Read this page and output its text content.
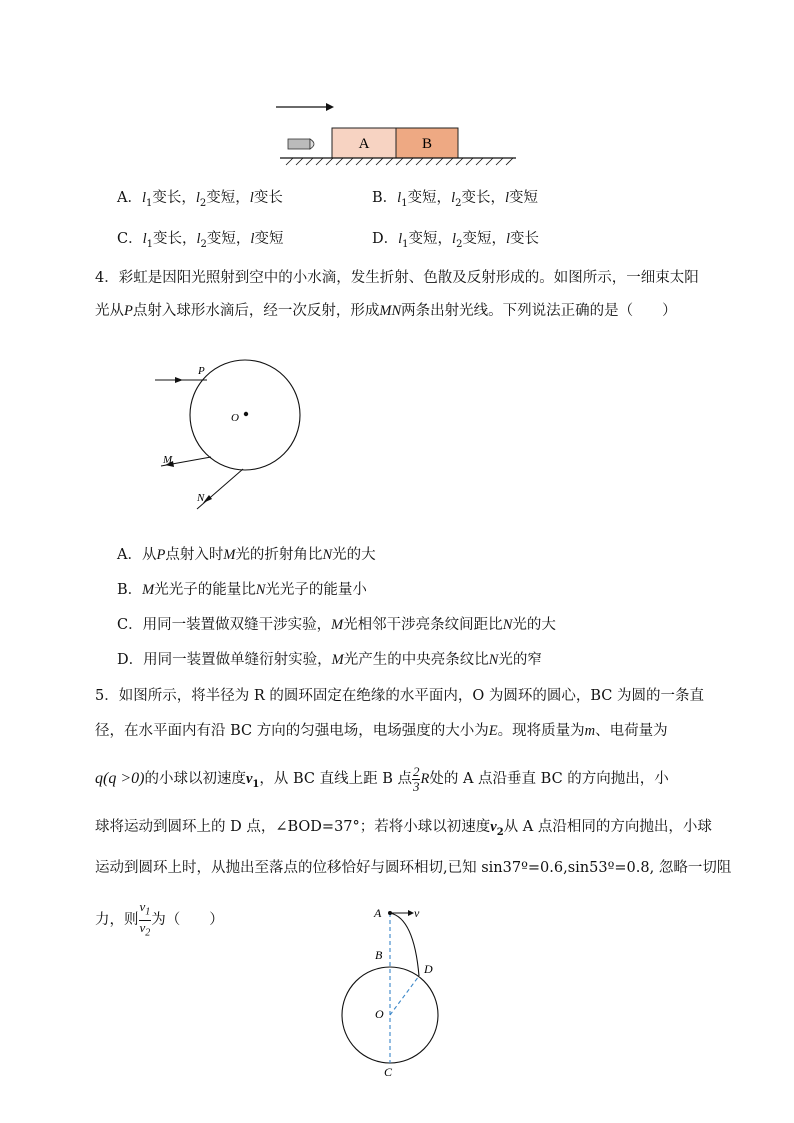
A	B
A．$l_1$变长，$l_2$变短，l变长	B．$l_1$变短，$l_2$变长，l变短
C．$l_1$变长，$l_2$变短，l变短	D．$l_1$变短，$l_2$变短，l变长
4．彩虹是因阳光照射到空中的小水滴，发生折射、色散及反射形成的。如图所示，一细束太阳
光从P点射入球形水滴后，经一次反射，形成MN两条出射光线。下列说法正确的是（　　）
P
O
M
N
A．从P点射入时M光的折射角比N光的大
B．M光光子的能量比N光光子的能量小
C．用同一装置做双缝干涉实验，M光相邻干涉亮条纹间距比N光的大
D．用同一装置做单缝衍射实验，M光产生的中央亮条纹比N光的窄
5．如图所示，将半径为 R 的圆环固定在绝缘的水平面内，O 为圆环的圆心，BC 为圆的一条直
径，在水平面内有沿 BC 方向的匀强电场，电场强度的大小为E。现将质量为m、电荷量为
q(q >0)的小球以初速度$v_1$，从 BC 直线上距 B 点 $\frac{2}{3}$ R处的 A 点沿垂直 BC 的方向抛出，小
球将运动到圆环上的 D 点，∠BOD=37°；若将小球以初速度$v_2$从 A 点沿相同的方向抛出，小球
运动到圆环上时，从抛出至落点的位移恰好与圆环相切,已知 sin37º=0.6,sin53º=0.8, 忽略一切阻
力，则 $\frac{v_1}{v_2}$ 为（　　）	A	v
B
D
O
C
